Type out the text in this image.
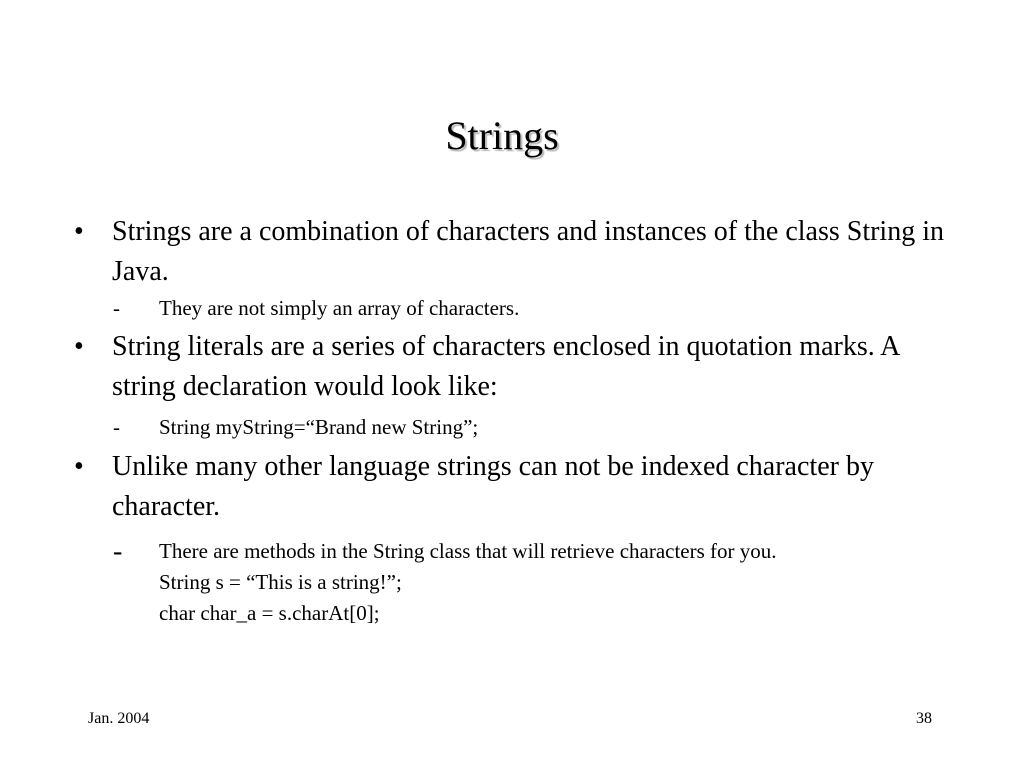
Strings
• Strings are a combination of characters and instances of the class String in Java.
- They are not simply an array of characters.
• String literals are a series of characters enclosed in quotation marks. A string declaration would look like:
- String myString=“Brand new String”;
• Unlike many other language strings can not be indexed character by character.
- There are methods in the String class that will retrieve characters for you.
String s = “This is a string!”;
char char_a = s.charAt[0];
Jan. 2004	38
